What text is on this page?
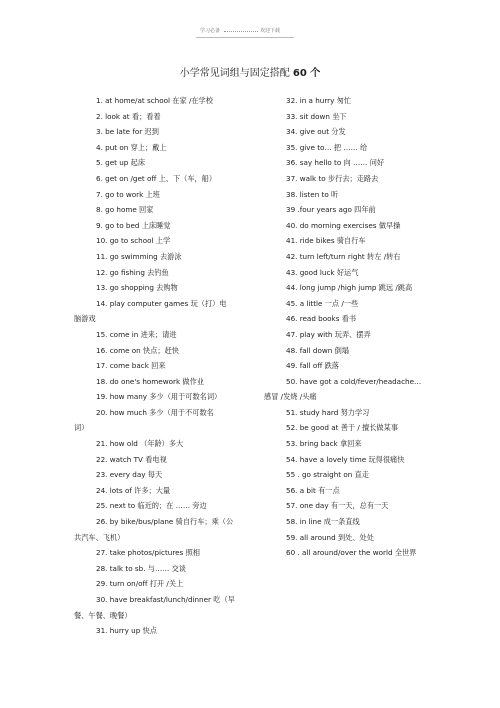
学习必备	欢迎下载
小学常见词组与固定搭配 60 个
1. at home/at school 在家 /在学校
2. look at 看；看着
3. be late for 迟到
4. put on 穿上；戴上
5. get up 起床
6. get on /get off 上、下（车，船）
7. go to work 上班
8. go home 回家
9. go to bed 上床睡觉
10. go to school 上学
11. go swimming 去游泳
12. go fishing 去钓鱼
13. go shopping 去购物
14. play computer games 玩（打）电
脑游戏
15. come in 进来；请进
16. come on 快点；赶快
17. come back 回来
18. do one's homework 做作业
19. how many 多少（用于可数名词）
20. how much 多少（用于不可数名
词）
21. how old （年龄）多大
22. watch TV 看电视
23. every day 每天
24. lots of 许多；大量
25. next to 临近的；在 …… 旁边
26. by bike/bus/plane 骑自行车；乘（公
共汽车、飞机）
27. take photos/pictures 照相
28. talk to sb. 与…… 交谈
29. turn on/off 打开 /关上
30. have breakfast/lunch/dinner 吃（早
餐、午餐、晚餐）
31. hurry up 快点
32. in a hurry 匆忙
33. sit down 坐下
34. give out 分发
35. give to… 把 …… 给
36. say hello to 向 …… 问好
37. walk to 步行去；走路去
38. listen to 听
39 .four years ago 四年前
40. do morning exercises 做早操
41. ride bikes 骑自行车
42. turn left/turn right 转左 /转右
43. good luck 好运气
44. long jump /high jump 跳远 /跳高
45. a little 一点 /一些
46. read books 看书
47. play with 玩弄、摆弄
48. fall down 倒塌
49. fall off 跌落
50. have got a cold/fever/headache…
感冒 /发烧 /头痛
51. study hard 努力学习
52. be good at 善于 / 擅长做某事
53. bring back 拿回来
54. have a lovely time 玩得很痛快
55 . go straight on 直走
56. a bit 有一点
57. one day 有一天，总有一天
58. in line 成一条直线
59. all around 到处、处处
60 . all around/over the world 全世界
